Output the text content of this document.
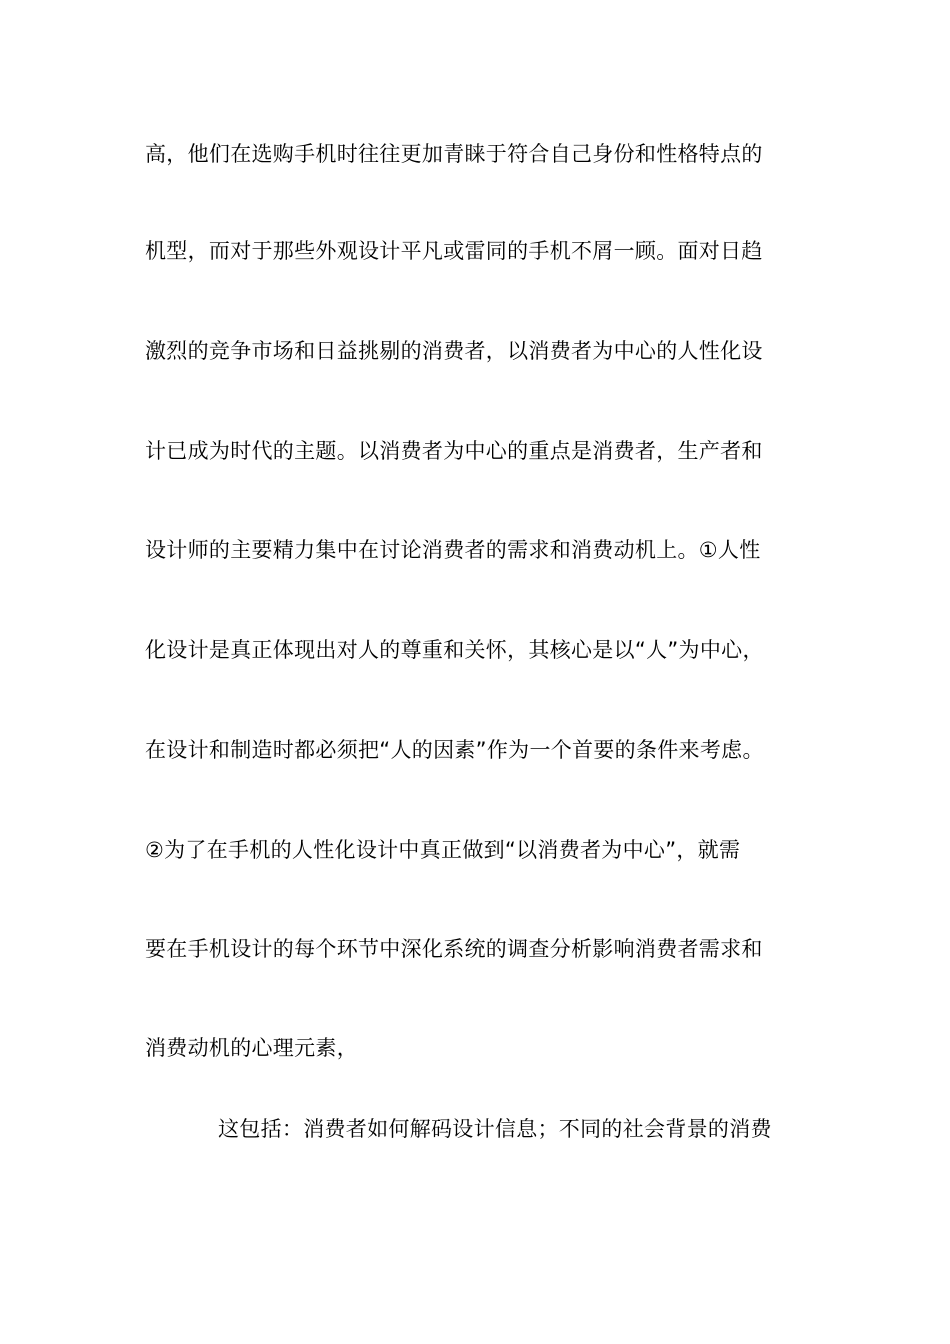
高，他们在选购手机时往往更加青睐于符合自己身份和性格特点的
机型，而对于那些外观设计平凡或雷同的手机不屑一顾。面对日趋
激烈的竞争市场和日益挑剔的消费者，以消费者为中心的人性化设
计已成为时代的主题。以消费者为中心的重点是消费者，生产者和
设计师的主要精力集中在讨论消费者的需求和消费动机上。①人性
化设计是真正体现出对人的尊重和关怀，其核心是以“人”为中心，
在设计和制造时都必须把“人的因素”作为一个首要的条件来考虑。
②为了在手机的人性化设计中真正做到“以消费者为中心”，就需
要在手机设计的每个环节中深化系统的调查分析影响消费者需求和
消费动机的心理元素，
这包括：消费者如何解码设计信息；不同的社会背景的消费
